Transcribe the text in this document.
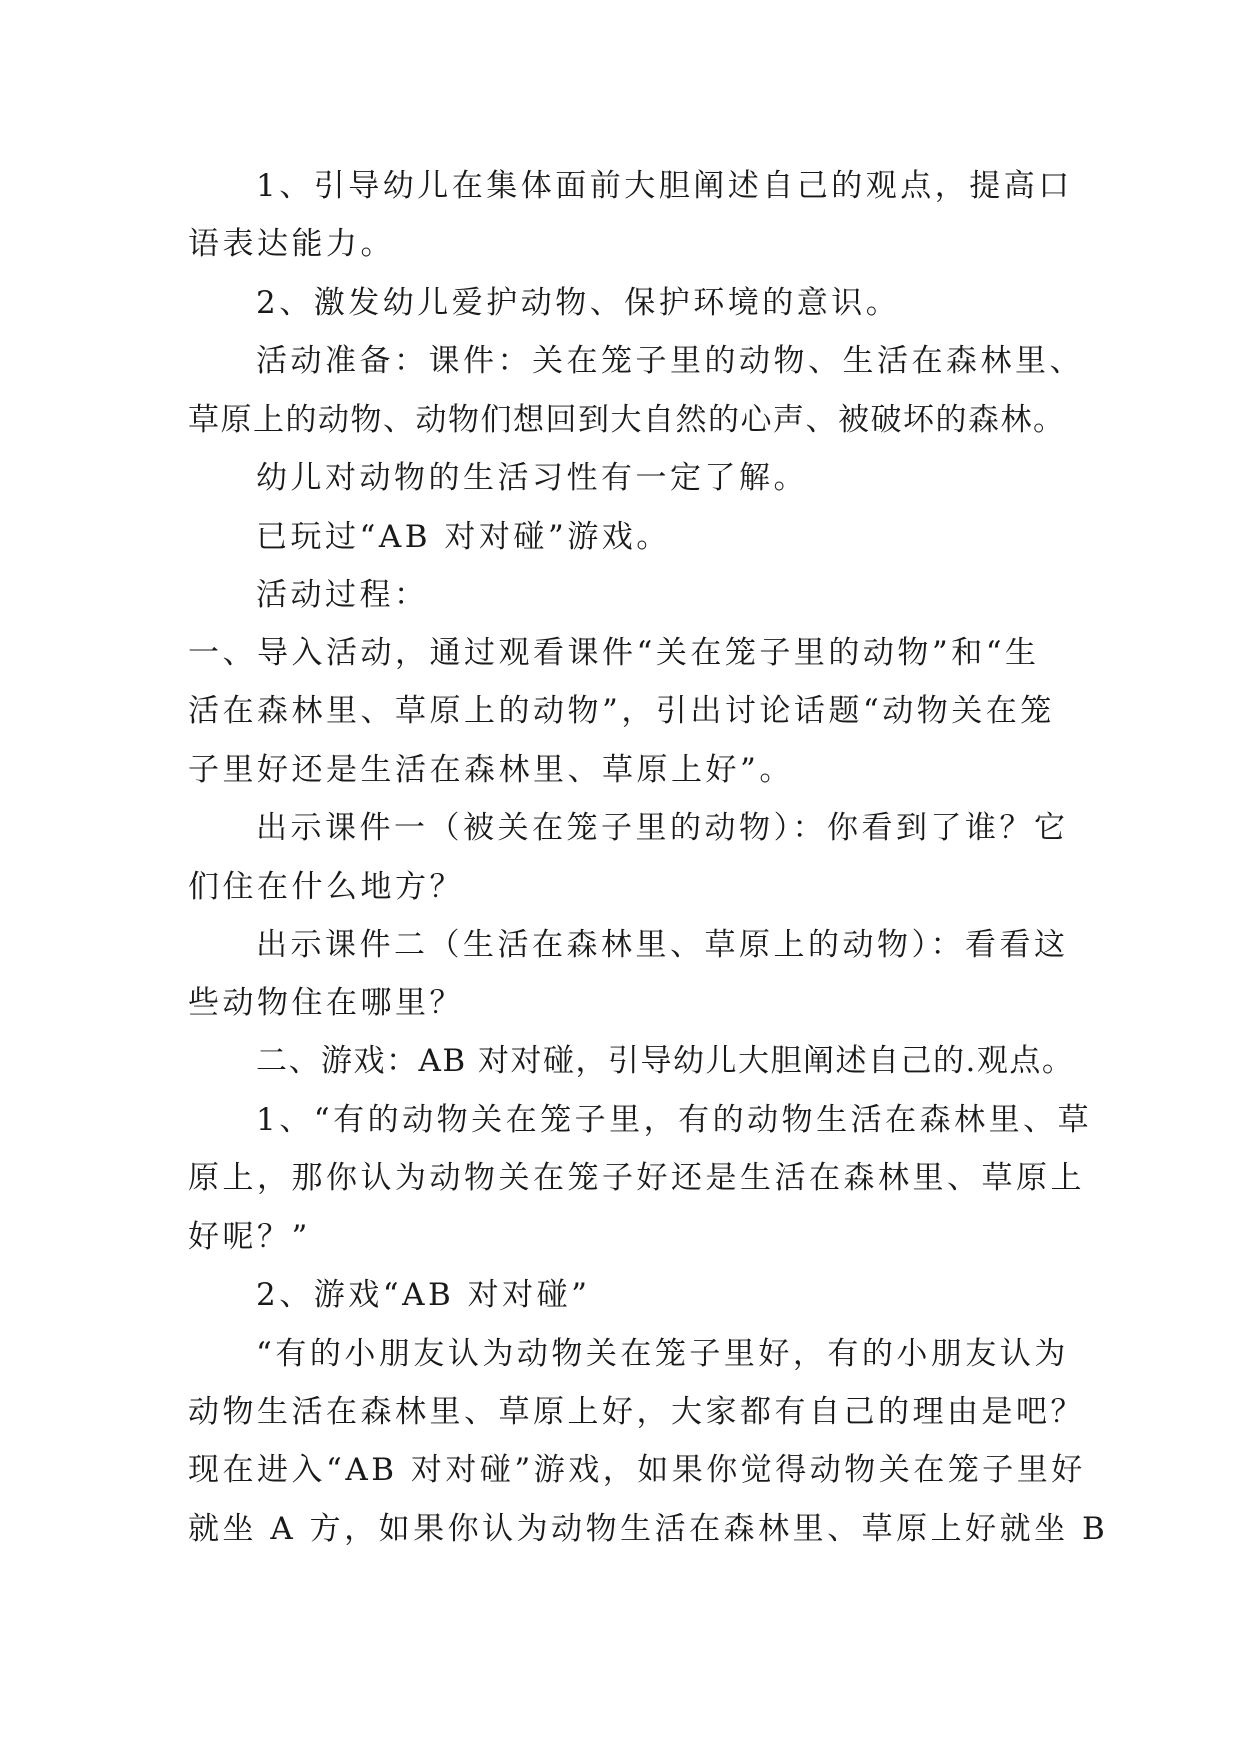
1、引导幼儿在集体面前大胆阐述自己的观点，提高口

语表达能力。

2、激发幼儿爱护动物、保护环境的意识。

活动准备：课件：关在笼子里的动物、生活在森林里、

草原上的动物、动物们想回到大自然的心声、被破坏的森林。

幼儿对动物的生活习性有一定了解。

已玩过“AB 对对碰”游戏。

活动过程：

一、导入活动，通过观看课件“关在笼子里的动物”和“生

活在森林里、草原上的动物”，引出讨论话题“动物关在笼

子里好还是生活在森林里、草原上好”。

出示课件一（被关在笼子里的动物）：你看到了谁？它

们住在什么地方？

出示课件二（生活在森林里、草原上的动物）：看看这

些动物住在哪里？

二、游戏：AB 对对碰，引导幼儿大胆阐述自己的.观点。

1、“有的动物关在笼子里，有的动物生活在森林里、草

原上，那你认为动物关在笼子好还是生活在森林里、草原上

好呢？”

2、游戏“AB 对对碰”

“有的小朋友认为动物关在笼子里好，有的小朋友认为

动物生活在森林里、草原上好，大家都有自己的理由是吧？

现在进入“AB 对对碰”游戏，如果你觉得动物关在笼子里好

就坐 A 方，如果你认为动物生活在森林里、草原上好就坐 B
